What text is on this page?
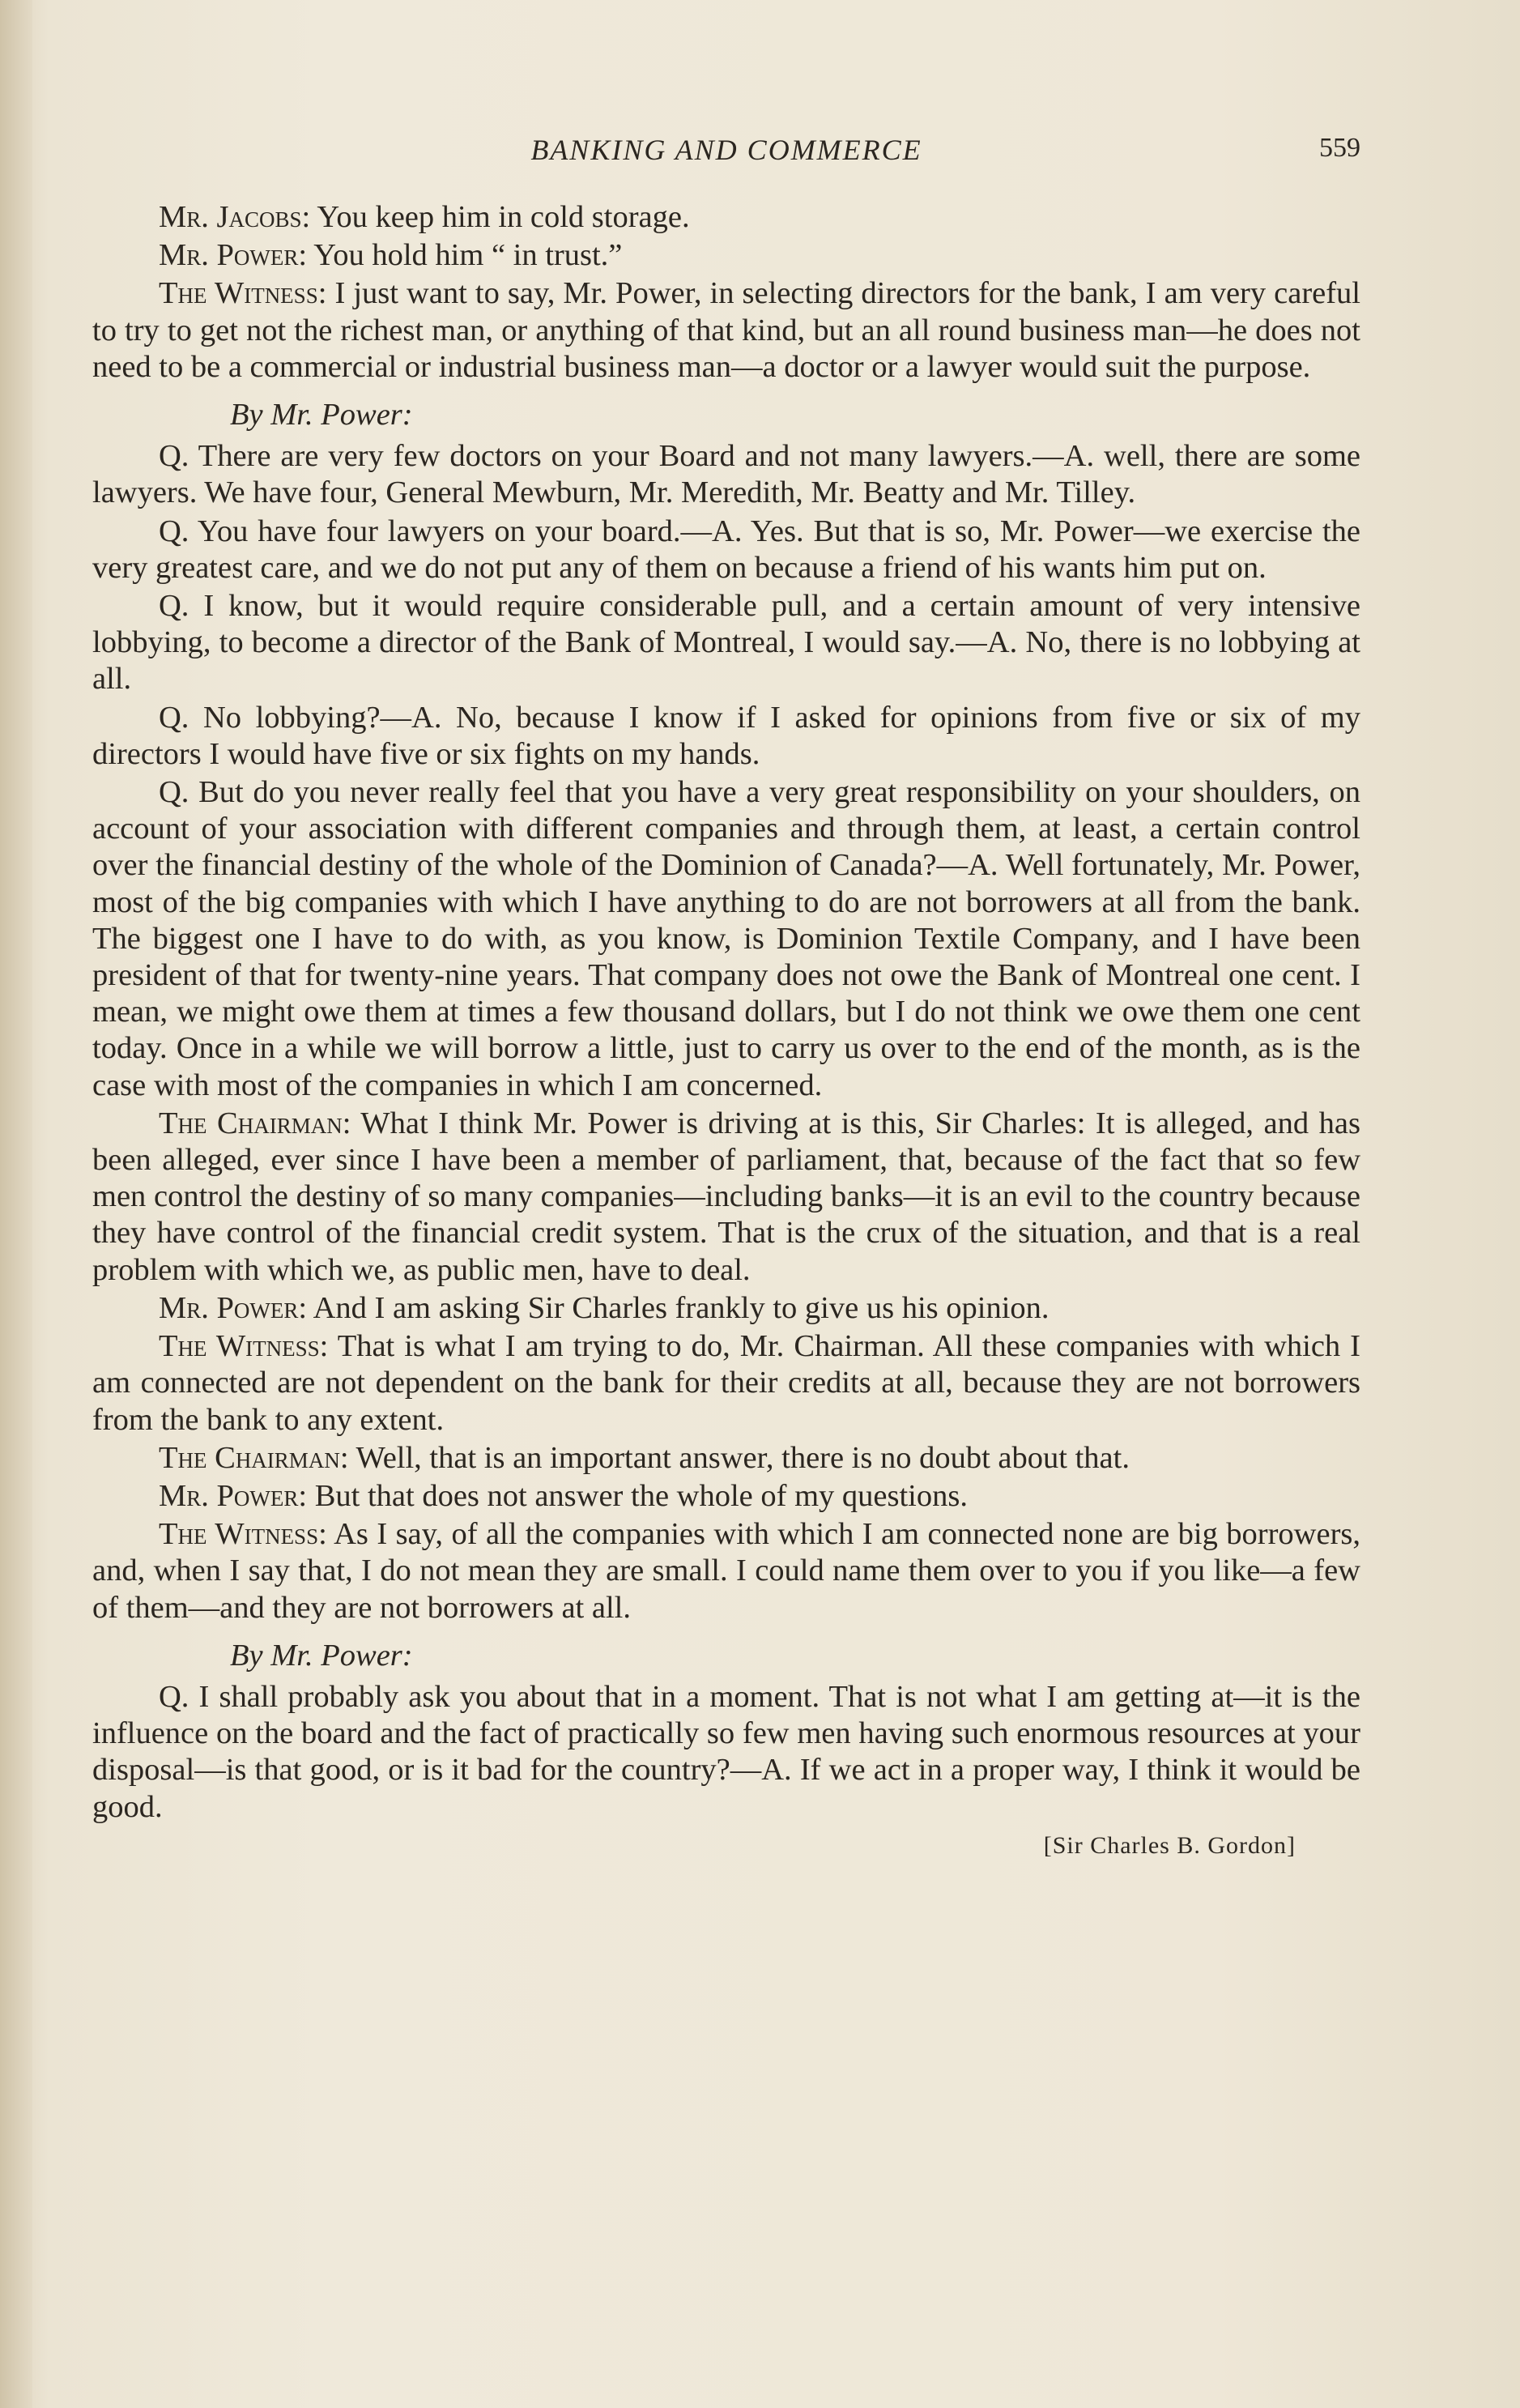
BANKING AND COMMERCE	559

Mr. Jacobs: You keep him in cold storage.

Mr. Power: You hold him “ in trust.”

The Witness: I just want to say, Mr. Power, in selecting directors for the bank, I am very careful to try to get not the richest man, or anything of that kind, but an all round business man—he does not need to be a commercial or industrial business man—a doctor or a lawyer would suit the purpose.

By Mr. Power:

Q. There are very few doctors on your Board and not many lawyers.—A. well, there are some lawyers. We have four, General Mewburn, Mr. Meredith, Mr. Beatty and Mr. Tilley.

Q. You have four lawyers on your board.—A. Yes. But that is so, Mr. Power—we exercise the very greatest care, and we do not put any of them on because a friend of his wants him put on.

Q. I know, but it would require considerable pull, and a certain amount of very intensive lobbying, to become a director of the Bank of Montreal, I would say.—A. No, there is no lobbying at all.

Q. No lobbying?—A. No, because I know if I asked for opinions from five or six of my directors I would have five or six fights on my hands.

Q. But do you never really feel that you have a very great responsibility on your shoulders, on account of your association with different companies and through them, at least, a certain control over the financial destiny of the whole of the Dominion of Canada?—A. Well fortunately, Mr. Power, most of the big companies with which I have anything to do are not borrowers at all from the bank. The biggest one I have to do with, as you know, is Dominion Textile Company, and I have been president of that for twenty-nine years. That company does not owe the Bank of Montreal one cent. I mean, we might owe them at times a few thousand dollars, but I do not think we owe them one cent today. Once in a while we will borrow a little, just to carry us over to the end of the month, as is the case with most of the companies in which I am concerned.

The Chairman: What I think Mr. Power is driving at is this, Sir Charles: It is alleged, and has been alleged, ever since I have been a member of parliament, that, because of the fact that so few men control the destiny of so many companies—including banks—it is an evil to the country because they have control of the financial credit system. That is the crux of the situation, and that is a real problem with which we, as public men, have to deal.

Mr. Power: And I am asking Sir Charles frankly to give us his opinion.

The Witness: That is what I am trying to do, Mr. Chairman. All these companies with which I am connected are not dependent on the bank for their credits at all, because they are not borrowers from the bank to any extent.

The Chairman: Well, that is an important answer, there is no doubt about that.

Mr. Power: But that does not answer the whole of my questions.

The Witness: As I say, of all the companies with which I am connected none are big borrowers, and, when I say that, I do not mean they are small. I could name them over to you if you like—a few of them—and they are not borrowers at all.

By Mr. Power:

Q. I shall probably ask you about that in a moment. That is not what I am getting at—it is the influence on the board and the fact of practically so few men having such enormous resources at your disposal—is that good, or is it bad for the country?—A. If we act in a proper way, I think it would be good.

[Sir Charles B. Gordon]
